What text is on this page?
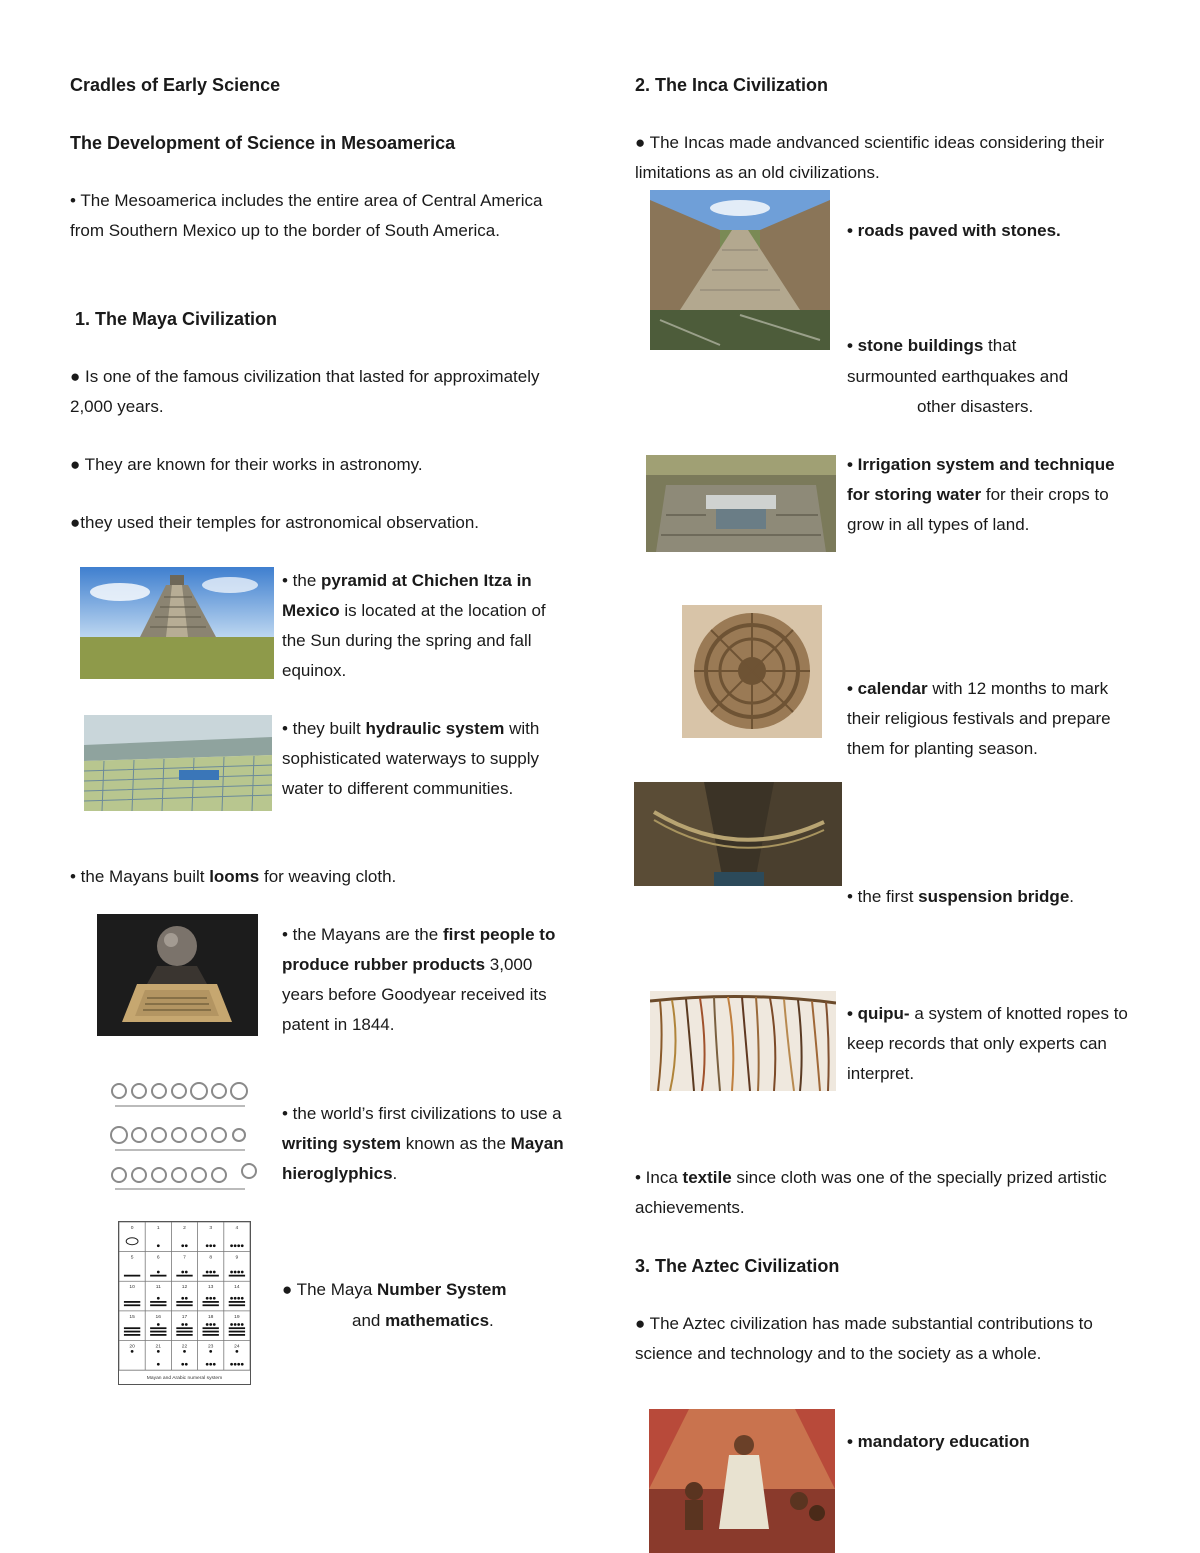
Cradles of Early Science
The Development of Science in Mesoamerica
• The Mesoamerica includes the entire area of Central America from Southern Mexico up to the border of South America.
1. The Maya Civilization
● Is one of the famous civilization that lasted for approximately 2,000 years.
● They are known for their works in astronomy.
●they used their temples for astronomical observation.
• the pyramid at Chichen Itza in Mexico is located at the location of the Sun during the spring and fall equinox.
• they built hydraulic system with sophisticated waterways to supply water to different communities.
• the Mayans built looms for weaving cloth.
• the Mayans are the first people to produce rubber products 3,000 years before Goodyear received its patent in 1844.
• the world’s first civilizations to use a writing system known as the Mayan hieroglyphics.
0	1	2	3	4
5	6	7	8	9
10	11	12	13	14
15	16	17	18	19
20	21	22	23	24
Mayan and Arabic numeral system
● The Maya Number System
and mathematics.
2. The Inca Civilization
● The Incas made andvanced scientific ideas considering their limitations as an old civilizations.
• roads paved with stones.
• stone buildings that
surmounted earthquakes and
other disasters.
• Irrigation system and technique for storing water for their crops to grow in all types of land.
• calendar with 12 months to mark their religious festivals and prepare them for planting season.
• the first suspension bridge.
• quipu- a system of knotted ropes to keep records that only experts can interpret.
• Inca textile since cloth was one of the specially prized artistic achievements.
3. The Aztec Civilization
● The Aztec civilization has made substantial contributions to science and technology and to the society as a whole.
• mandatory education
